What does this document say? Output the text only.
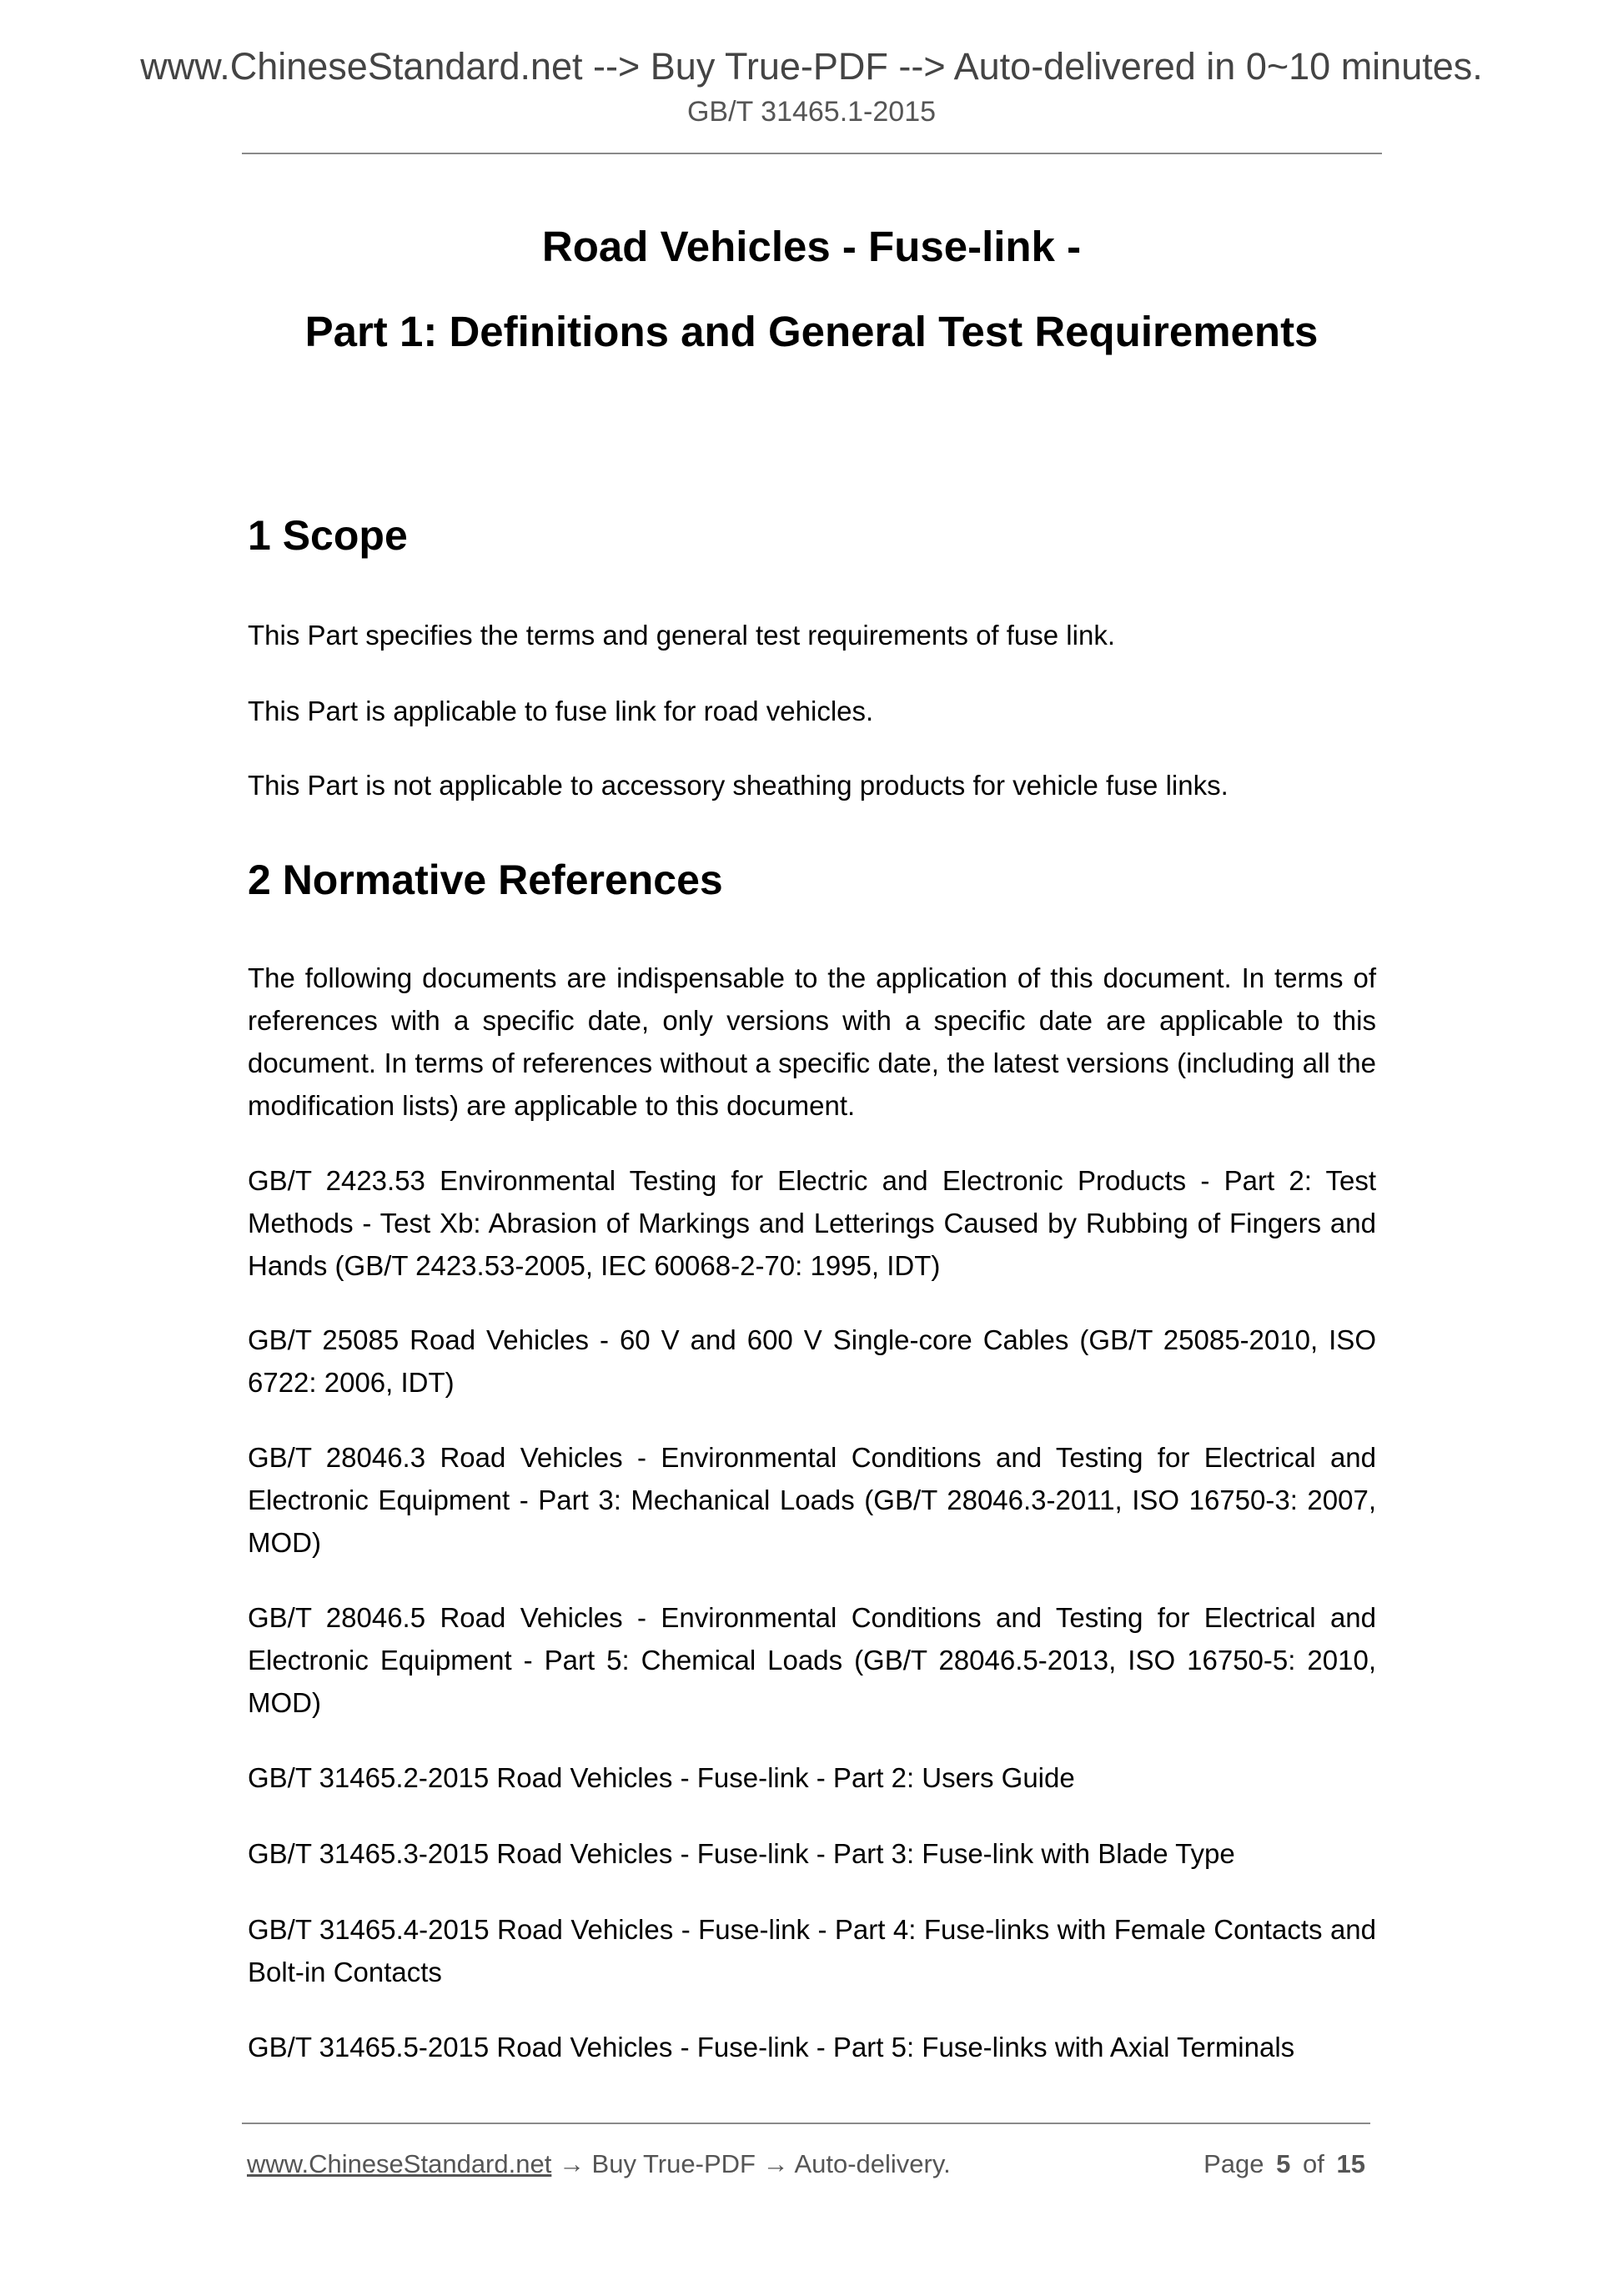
www.ChineseStandard.net --> Buy True-PDF --> Auto-delivered in 0~10 minutes.
GB/T 31465.1-2015
Road Vehicles - Fuse-link -
Part 1: Definitions and General Test Requirements
1 Scope
This Part specifies the terms and general test requirements of fuse link.
This Part is applicable to fuse link for road vehicles.
This Part is not applicable to accessory sheathing products for vehicle fuse links.
2 Normative References
The following documents are indispensable to the application of this document. In terms of references with a specific date, only versions with a specific date are applicable to this document. In terms of references without a specific date, the latest versions (including all the modification lists) are applicable to this document.
GB/T 2423.53 Environmental Testing for Electric and Electronic Products - Part 2: Test Methods - Test Xb: Abrasion of Markings and Letterings Caused by Rubbing of Fingers and Hands (GB/T 2423.53-2005, IEC 60068-2-70: 1995, IDT)
GB/T 25085 Road Vehicles - 60 V and 600 V Single-core Cables (GB/T 25085-2010, ISO 6722: 2006, IDT)
GB/T 28046.3 Road Vehicles - Environmental Conditions and Testing for Electrical and Electronic Equipment - Part 3: Mechanical Loads (GB/T 28046.3-2011, ISO 16750-3: 2007, MOD)
GB/T 28046.5 Road Vehicles - Environmental Conditions and Testing for Electrical and Electronic Equipment - Part 5: Chemical Loads (GB/T 28046.5-2013, ISO 16750-5: 2010, MOD)
GB/T 31465.2-2015 Road Vehicles - Fuse-link - Part 2: Users Guide
GB/T 31465.3-2015 Road Vehicles - Fuse-link - Part 3: Fuse-link with Blade Type
GB/T 31465.4-2015 Road Vehicles - Fuse-link - Part 4: Fuse-links with Female Contacts and Bolt-in Contacts
GB/T 31465.5-2015 Road Vehicles - Fuse-link - Part 5: Fuse-links with Axial Terminals
www.ChineseStandard.net → Buy True-PDF → Auto-delivery.	Page 5 of 15
